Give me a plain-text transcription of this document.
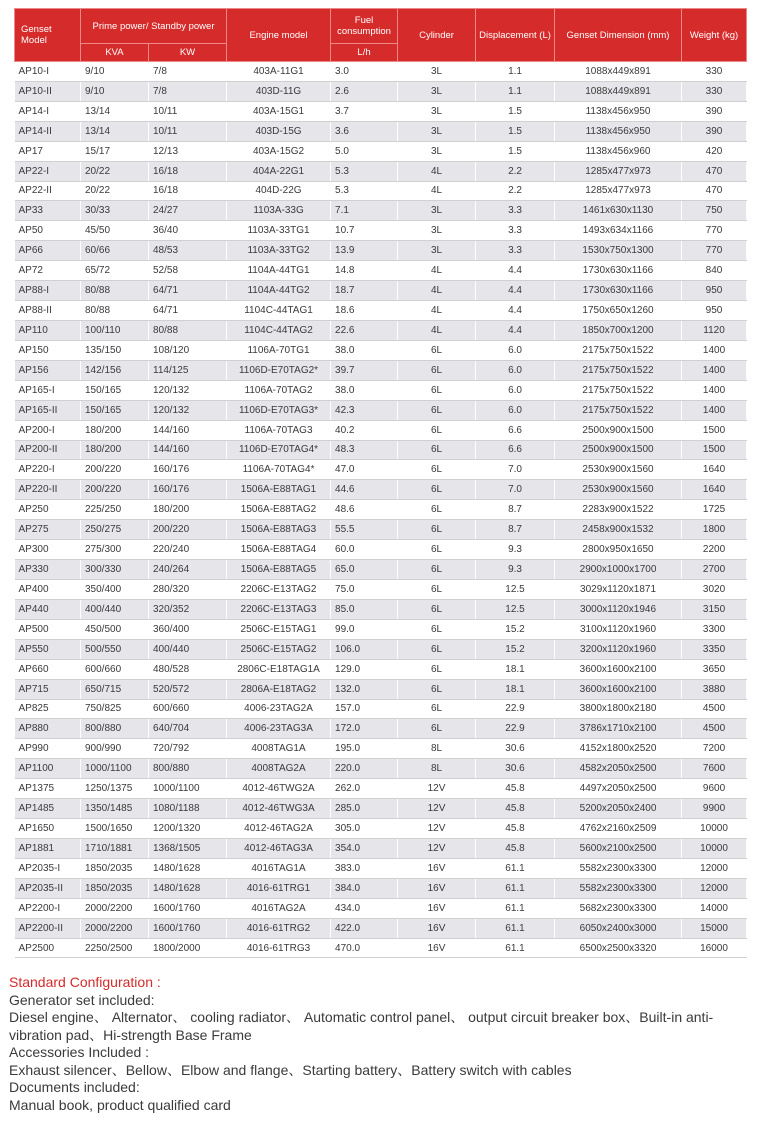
Genset Model	Prime power/ Standby power		Engine model	Fuel consumption	Cylinder	Displacement (L)	Genset Dimension (mm)	Weight (kg)
	KVA	KW		L/h				
AP10-I	9/10	7/8	403A-11G1	3.0	3L	1.1	1088x449x891	330
AP10-II	9/10	7/8	403D-11G	2.6	3L	1.1	1088x449x891	330
AP14-I	13/14	10/11	403A-15G1	3.7	3L	1.5	1138x456x950	390
AP14-II	13/14	10/11	403D-15G	3.6	3L	1.5	1138x456x950	390
AP17	15/17	12/13	403A-15G2	5.0	3L	1.5	1138x456x960	420
AP22-I	20/22	16/18	404A-22G1	5.3	4L	2.2	1285x477x973	470
AP22-II	20/22	16/18	404D-22G	5.3	4L	2.2	1285x477x973	470
AP33	30/33	24/27	1103A-33G	7.1	3L	3.3	1461x630x1130	750
AP50	45/50	36/40	1103A-33TG1	10.7	3L	3.3	1493x634x1166	770
AP66	60/66	48/53	1103A-33TG2	13.9	3L	3.3	1530x750x1300	770
AP72	65/72	52/58	1104A-44TG1	14.8	4L	4.4	1730x630x1166	840
AP88-I	80/88	64/71	1104A-44TG2	18.7	4L	4.4	1730x630x1166	950
AP88-II	80/88	64/71	1104C-44TAG1	18.6	4L	4.4	1750x650x1260	950
AP110	100/110	80/88	1104C-44TAG2	22.6	4L	4.4	1850x700x1200	1120
AP150	135/150	108/120	1106A-70TG1	38.0	6L	6.0	2175x750x1522	1400
AP156	142/156	114/125	1106D-E70TAG2*	39.7	6L	6.0	2175x750x1522	1400
AP165-I	150/165	120/132	1106A-70TAG2	38.0	6L	6.0	2175x750x1522	1400
AP165-II	150/165	120/132	1106D-E70TAG3*	42.3	6L	6.0	2175x750x1522	1400
AP200-I	180/200	144/160	1106A-70TAG3	40.2	6L	6.6	2500x900x1500	1500
AP200-II	180/200	144/160	1106D-E70TAG4*	48.3	6L	6.6	2500x900x1500	1500
AP220-I	200/220	160/176	1106A-70TAG4*	47.0	6L	7.0	2530x900x1560	1640
AP220-II	200/220	160/176	1506A-E88TAG1	44.6	6L	7.0	2530x900x1560	1640
AP250	225/250	180/200	1506A-E88TAG2	48.6	6L	8.7	2283x900x1522	1725
AP275	250/275	200/220	1506A-E88TAG3	55.5	6L	8.7	2458x900x1532	1800
AP300	275/300	220/240	1506A-E88TAG4	60.0	6L	9.3	2800x950x1650	2200
AP330	300/330	240/264	1506A-E88TAG5	65.0	6L	9.3	2900x1000x1700	2700
AP400	350/400	280/320	2206C-E13TAG2	75.0	6L	12.5	3029x1120x1871	3020
AP440	400/440	320/352	2206C-E13TAG3	85.0	6L	12.5	3000x1120x1946	3150
AP500	450/500	360/400	2506C-E15TAG1	99.0	6L	15.2	3100x1120x1960	3300
AP550	500/550	400/440	2506C-E15TAG2	106.0	6L	15.2	3200x1120x1960	3350
AP660	600/660	480/528	2806C-E18TAG1A	129.0	6L	18.1	3600x1600x2100	3650
AP715	650/715	520/572	2806A-E18TAG2	132.0	6L	18.1	3600x1600x2100	3880
AP825	750/825	600/660	4006-23TAG2A	157.0	6L	22.9	3800x1800x2180	4500
AP880	800/880	640/704	4006-23TAG3A	172.0	6L	22.9	3786x1710x2100	4500
AP990	900/990	720/792	4008TAG1A	195.0	8L	30.6	4152x1800x2520	7200
AP1100	1000/1100	800/880	4008TAG2A	220.0	8L	30.6	4582x2050x2500	7600
AP1375	1250/1375	1000/1100	4012-46TWG2A	262.0	12V	45.8	4497x2050x2500	9600
AP1485	1350/1485	1080/1188	4012-46TWG3A	285.0	12V	45.8	5200x2050x2400	9900
AP1650	1500/1650	1200/1320	4012-46TAG2A	305.0	12V	45.8	4762x2160x2509	10000
AP1881	1710/1881	1368/1505	4012-46TAG3A	354.0	12V	45.8	5600x2100x2500	10000
AP2035-I	1850/2035	1480/1628	4016TAG1A	383.0	16V	61.1	5582x2300x3300	12000
AP2035-II	1850/2035	1480/1628	4016-61TRG1	384.0	16V	61.1	5582x2300x3300	12000
AP2200-I	2000/2200	1600/1760	4016TAG2A	434.0	16V	61.1	5682x2300x3300	14000
AP2200-II	2000/2200	1600/1760	4016-61TRG2	422.0	16V	61.1	6050x2400x3000	15000
AP2500	2250/2500	1800/2000	4016-61TRG3	470.0	16V	61.1	6500x2500x3320	16000

Standard Configuration :

Generator set included:

Diesel engine、 Alternator、 cooling radiator、 Automatic control panel、 output circuit breaker box、Built-in anti-vibration pad、Hi-strength Base Frame

Accessories Included :

Exhaust silencer、Bellow、Elbow and flange、Starting battery、Battery switch with cables

Documents included:

Manual book, product qualified card
